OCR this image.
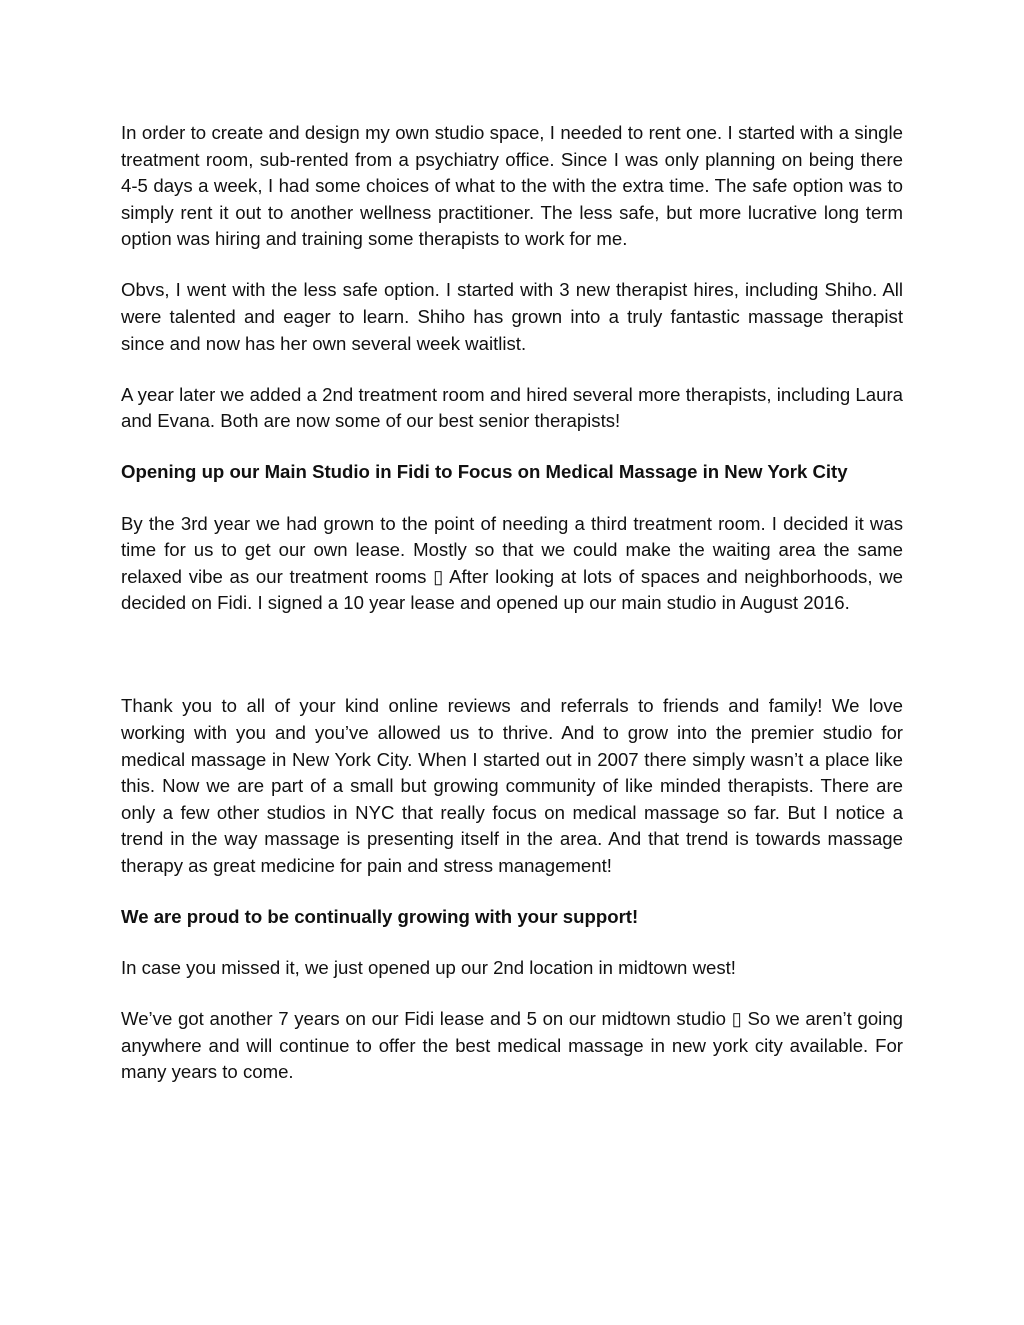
In order to create and design my own studio space, I needed to rent one. I started with a single treatment room, sub-rented from a psychiatry office. Since I was only planning on being there 4-5 days a week, I had some choices of what to the with the extra time. The safe option was to simply rent it out to another wellness practitioner. The less safe, but more lucrative long term option was hiring and training some therapists to work for me.

Obvs, I went with the less safe option. I started with 3 new therapist hires, including Shiho. All were talented and eager to learn. Shiho has grown into a truly fantastic massage therapist since and now has her own several week waitlist.

A year later we added a 2nd treatment room and hired several more therapists, including Laura and Evana. Both are now some of our best senior therapists!

Opening up our Main Studio in Fidi to Focus on Medical Massage in New York City

By the 3rd year we had grown to the point of needing a third treatment room. I decided it was time for us to get our own lease. Mostly so that we could make the waiting area the same relaxed vibe as our treatment rooms ▯ After looking at lots of spaces and neighborhoods, we decided on Fidi. I signed a 10 year lease and opened up our main studio in August 2016.

Thank you to all of your kind online reviews and referrals to friends and family! We love working with you and you’ve allowed us to thrive. And to grow into the premier studio for medical massage in New York City. When I started out in 2007 there simply wasn’t a place like this. Now we are part of a small but growing community of like minded therapists. There are only a few other studios in NYC that really focus on medical massage so far. But I notice a trend in the way massage is presenting itself in the area. And that trend is towards massage therapy as great medicine for pain and stress management!

We are proud to be continually growing with your support!

In case you missed it, we just opened up our 2nd location in midtown west!

We’ve got another 7 years on our Fidi lease and 5 on our midtown studio ▯ So we aren’t going anywhere and will continue to offer the best medical massage in new york city available. For many years to come.
